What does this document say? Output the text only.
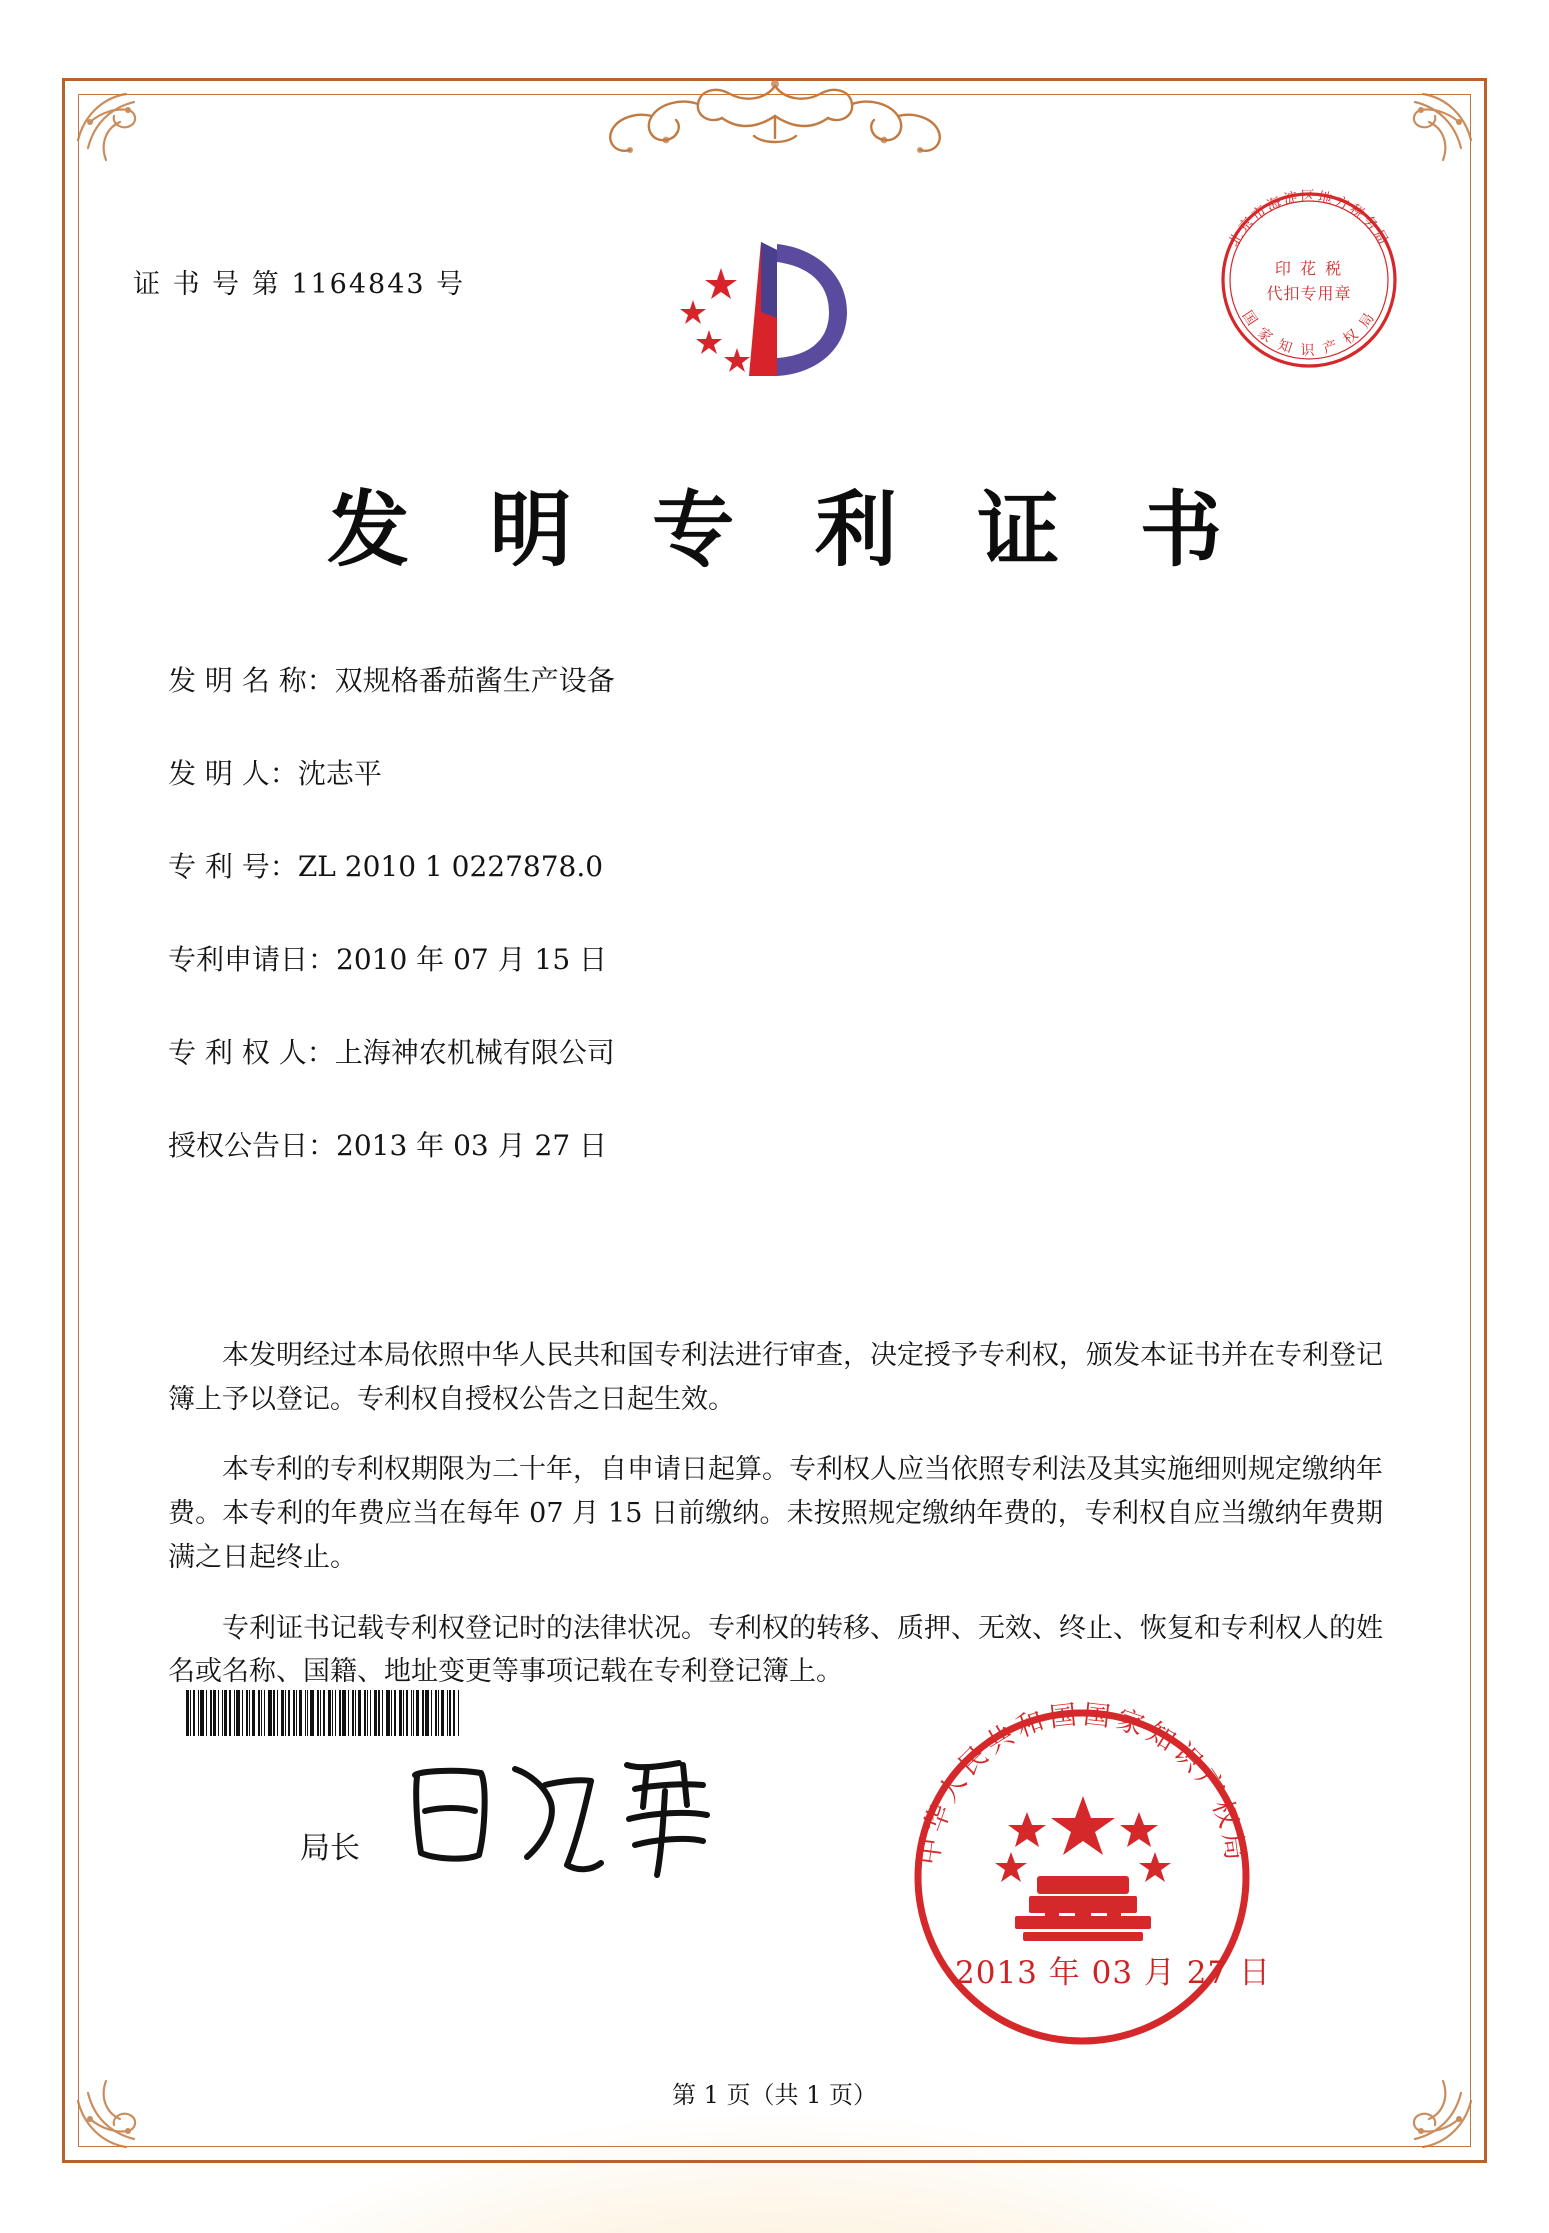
证 书 号 第 1164843 号
北京市海淀区地方税务局
国 家 知 识 产 权 局
印 花 税
代扣专用章
发 明 专 利 证 书
发 明 名 称：双规格番茄酱生产设备
发 明 人：沈志平
专 利 号：ZL 2010 1 0227878.0
专利申请日：2010 年 07 月 15 日
专 利 权 人：上海神农机械有限公司
授权公告日：2013 年 03 月 27 日

本发明经过本局依照中华人民共和国专利法进行审查，决定授予专利权，颁发本证书并在专利登记簿上予以登记。专利权自授权公告之日起生效。

本专利的专利权期限为二十年，自申请日起算。专利权人应当依照专利法及其实施细则规定缴纳年费。本专利的年费应当在每年 07 月 15 日前缴纳。未按照规定缴纳年费的，专利权自应当缴纳年费期满之日起终止。

专利证书记载专利权登记时的法律状况。专利权的转移、质押、无效、终止、恢复和专利权人的姓名或名称、国籍、地址变更等事项记载在专利登记簿上。

局长	中华人民共和国国家知识产权局
2013 年 03 月 27 日
第 1 页（共 1 页）
